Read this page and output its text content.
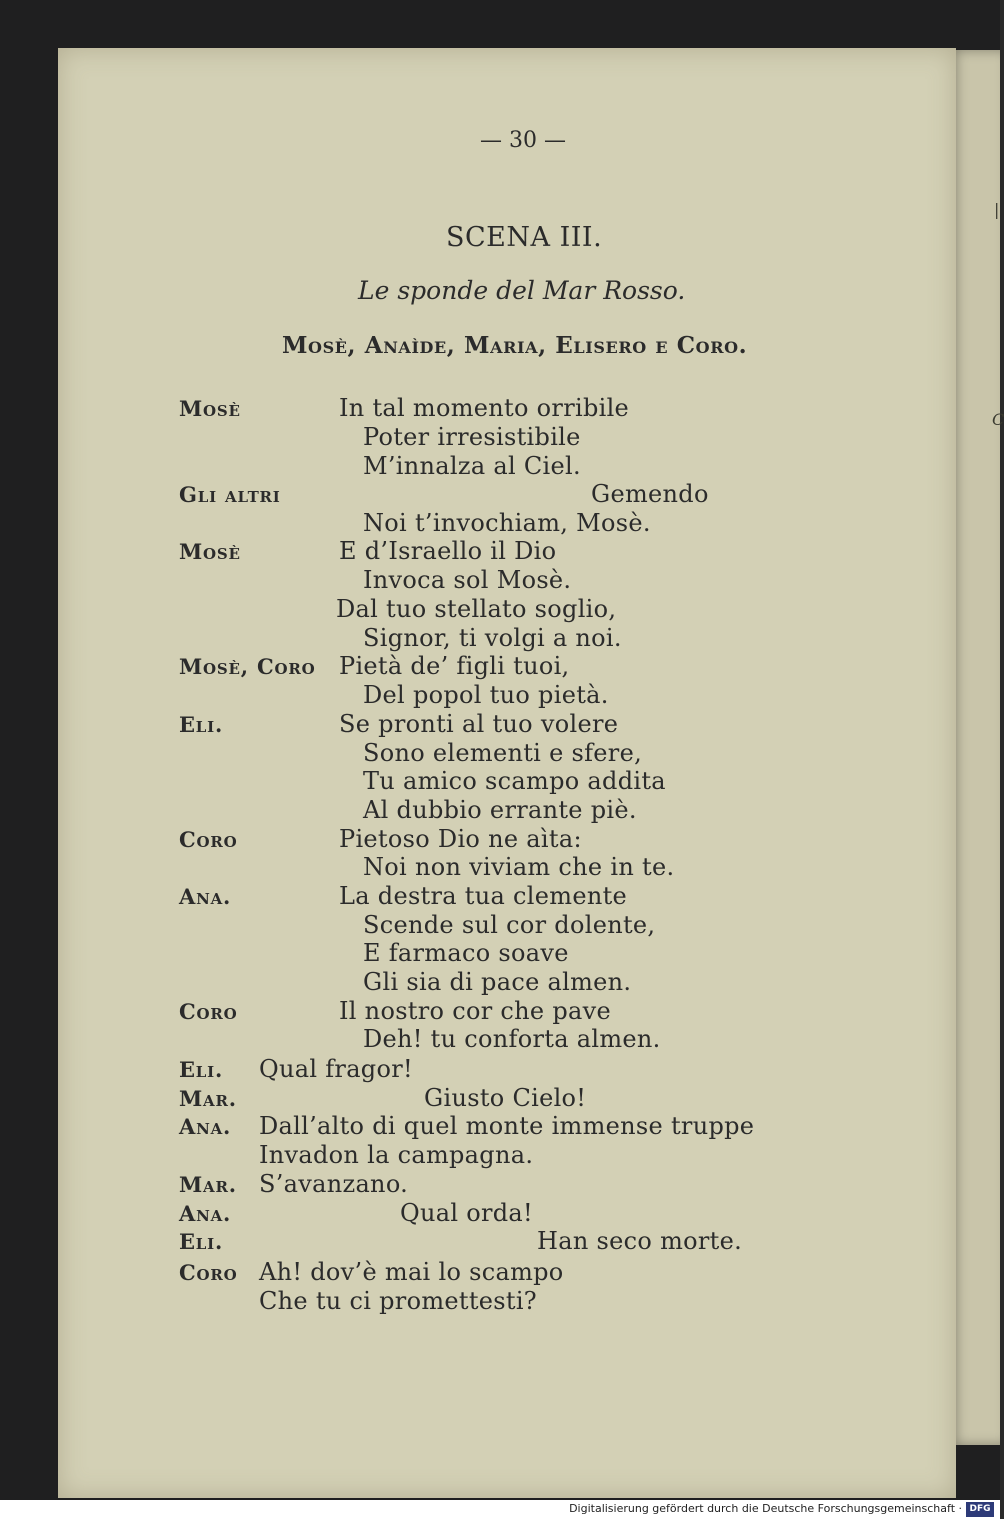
|
C
— 30 —
SCENA III.
Le sponde del Mar Rosso.
Mosè, Anaìde, Maria, Elisero e Coro.
Mosè
Gli altri
Mosè
Mosè, Coro
Eli.
Coro
Ana.
Coro
Eli.
Mar.
Ana.
Mar.
Ana.
Eli.
Coro
In tal momento orribile
Poter irresistibile
M’innalza al Ciel.
Gemendo
Noi t’invochiam, Mosè.
E d’Israello il Dio
Invoca sol Mosè.
Dal tuo stellato soglio,
Signor, ti volgi a noi.
Pietà de’ figli tuoi,
Del popol tuo pietà.
Se pronti al tuo volere
Sono elementi e sfere,
Tu amico scampo addita
Al dubbio errante piè.
Pietoso Dio ne aìta:
Noi non viviam che in te.
La destra tua clemente
Scende sul cor dolente,
E farmaco soave
Gli sia di pace almen.
Il nostro cor che pave
Deh! tu conforta almen.
Qual fragor!
Giusto Cielo!
Dall’alto di quel monte immense truppe
Invadon la campagna.
S’avanzano.
Qual orda!
Han seco morte.
Ah! dov’è mai lo scampo
Che tu ci promettesti?
Digitalisierung gefördert durch die Deutsche Forschungsgemeinschaft · DFG
